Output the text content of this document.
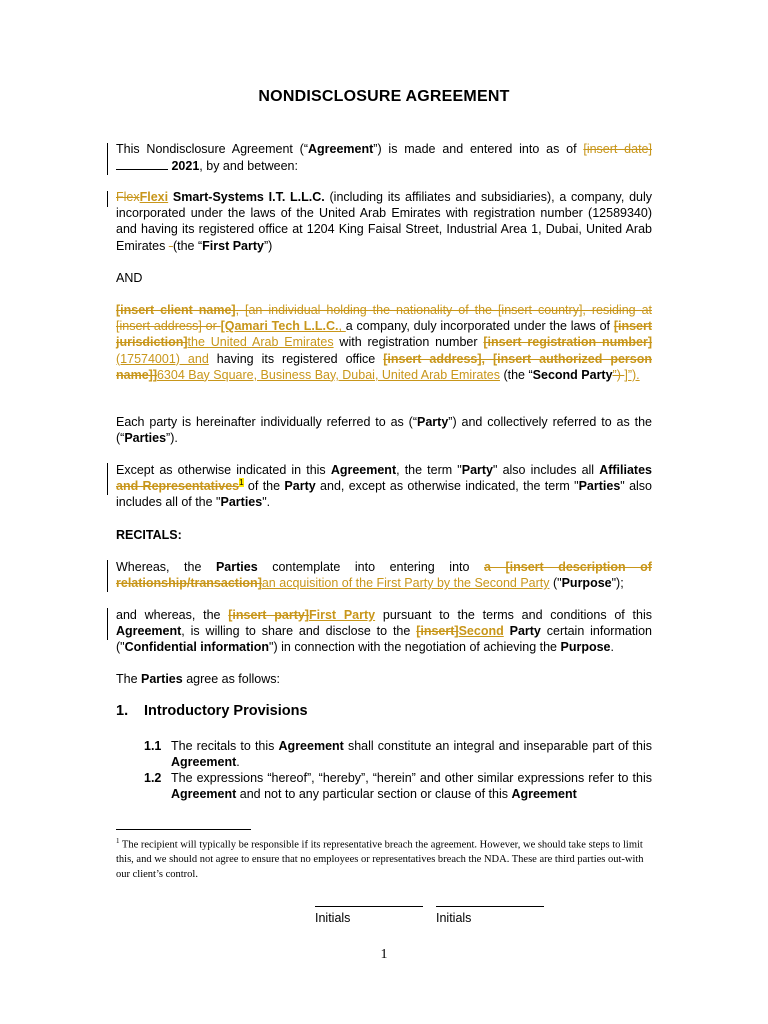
NONDISCLOSURE AGREEMENT
This Nondisclosure Agreement (“Agreement”) is made and entered into as of [insert date] 2021, by and between:
FlexFlexi Smart-Systems I.T. L.L.C. (including its affiliates and subsidiaries), a company, duly incorporated under the laws of the United Arab Emirates with registration number (12589340) and having its registered office at 1204 King Faisal Street, Industrial Area 1, Dubai, United Arab Emirates -(the “First Party”)
AND
[insert client name], [an individual holding the nationality of the [insert country], residing at [insert address] or [Qamari Tech L.L.C., a company, duly incorporated under the laws of [insert jurisdiction]the United Arab Emirates with registration number [insert registration number] (17574001) and having its registered office [insert address], [insert authorized person name]]6304 Bay Square, Business Bay, Dubai, United Arab Emirates (the “Second Party”) ]”).
Each party is hereinafter individually referred to as (“Party”) and collectively referred to as the (“Parties”).
Except as otherwise indicated in this Agreement, the term "Party" also includes all Affiliates and Representatives$^1$ of the Party and, except as otherwise indicated, the term "Parties" also includes all of the "Parties".
RECITALS:
Whereas, the Parties contemplate into entering into a [insert description of relationship/transaction]an acquisition of the First Party by the Second Party ("Purpose");
and whereas, the [insert party]First Party pursuant to the terms and conditions of this Agreement, is willing to share and disclose to the [insert]Second Party certain information ("Confidential information") in connection with the negotiation of achieving the Purpose.
The Parties agree as follows:
1. Introductory Provisions
1.1 The recitals to this Agreement shall constitute an integral and inseparable part of this Agreement.
1.2 The expressions “hereof”, “hereby”, “herein” and other similar expressions refer to this Agreement and not to any particular section or clause of this Agreement
$^1$ The recipient will typically be responsible if its representative breach the agreement. However, we should take steps to limit this, and we should not agree to ensure that no employees or representatives breach the NDA. These are third parties out-with our client’s control.
Initials	Initials
1
